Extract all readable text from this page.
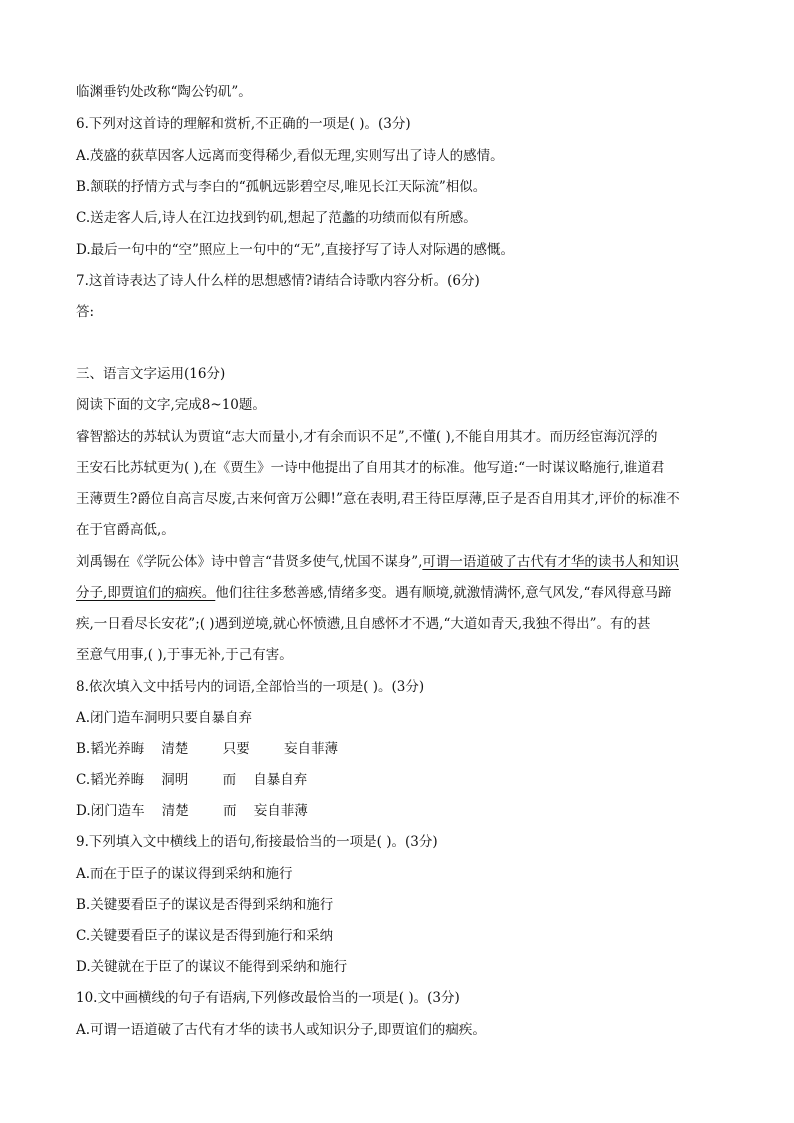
临渊垂钓处改称“陶公钓矶”。
6.下列对这首诗的理解和赏析,不正确的一项是( )。(3分)
A.茂盛的荻草因客人远离而变得稀少,看似无理,实则写出了诗人的感情。
B.颔联的抒情方式与李白的“孤帆远影碧空尽,唯见长江天际流”相似。
C.送走客人后,诗人在江边找到钓矶,想起了范蠡的功绩而似有所感。
D.最后一句中的“空”照应上一句中的“无”,直接抒写了诗人对际遇的感慨。
7.这首诗表达了诗人什么样的思想感情?请结合诗歌内容分析。(6分)
答:
三、语言文字运用(16分)
阅读下面的文字,完成8~10题。
睿智豁达的苏轼认为贾谊“志大而量小,才有余而识不足”,不懂( ),不能自用其才。而历经宦海沉浮的
王安石比苏轼更为( ),在《贾生》一诗中他提出了自用其才的标准。他写道:“一时谋议略施行,谁道君
王薄贾生?爵位自高言尽废,古来何啻万公卿!”意在表明,君王待臣厚薄,臣子是否自用其才,评价的标准不
在于官爵高低,。
刘禹锡在《学阮公体》诗中曾言“昔贤多使气,忧国不谋身”,可谓一语道破了古代有才华的读书人和知识
分子,即贾谊们的痼疾。他们往往多愁善感,情绪多变。遇有顺境,就激情满怀,意气风发,“春风得意马蹄
疾,一日看尽长安花”;( )遇到逆境,就心怀愤懑,且自感怀才不遇,“大道如青天,我独不得出”。有的甚
至意气用事,( ),于事无补,于己有害。
8.依次填入文中括号内的词语,全部恰当的一项是( )。(3分)
A.闭门造车洞明只要自暴自弃
B.韬光养晦    清楚        只要        妄自菲薄
C.韬光养晦    洞明        而    自暴自弃
D.闭门造车    清楚        而    妄自菲薄
9.下列填入文中横线上的语句,衔接最恰当的一项是( )。(3分)
A.而在于臣子的谋议得到采纳和施行
B.关键要看臣子的谋议是否得到采纳和施行
C.关键要看臣子的谋议是否得到施行和采纳
D.关键就在于臣了的谋议不能得到采纳和施行
10.文中画横线的句子有语病,下列修改最恰当的一项是( )。(3分)
A.可谓一语道破了古代有才华的读书人或知识分子,即贾谊们的痼疾。
